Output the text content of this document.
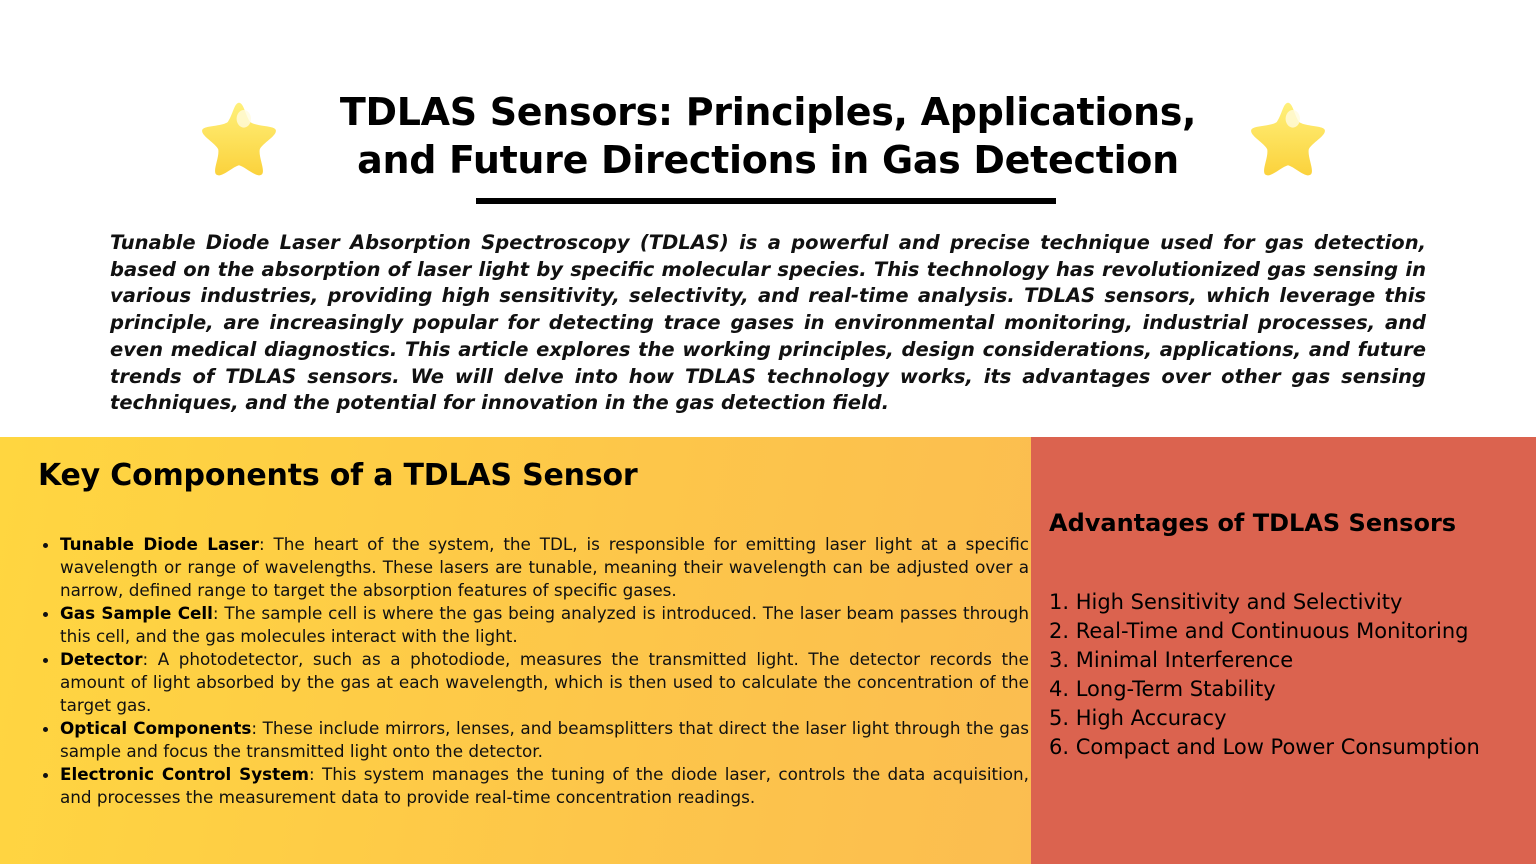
TDLAS Sensors: Principles, Applications,
and Future Directions in Gas Detection

Tunable Diode Laser Absorption Spectroscopy (TDLAS) is a powerful and precise technique used for gas detection, based on the absorption of laser light by specific molecular species. This technology has revolutionized gas sensing in various industries, providing high sensitivity, selectivity, and real-time analysis. TDLAS sensors, which leverage this principle, are increasingly popular for detecting trace gases in environmental monitoring, industrial processes, and even medical diagnostics. This article explores the working principles, design considerations, applications, and future trends of TDLAS sensors. We will delve into how TDLAS technology works, its advantages over other gas sensing techniques, and the potential for innovation in the gas detection field.

Key Components of a TDLAS Sensor
• Tunable Diode Laser: The heart of the system, the TDL, is responsible for emitting laser light at a specific wavelength or range of wavelengths. These lasers are tunable, meaning their wavelength can be adjusted over a narrow, defined range to target the absorption features of specific gases.
• Gas Sample Cell: The sample cell is where the gas being analyzed is introduced. The laser beam passes through this cell, and the gas molecules interact with the light.
• Detector: A photodetector, such as a photodiode, measures the transmitted light. The detector records the amount of light absorbed by the gas at each wavelength, which is then used to calculate the concentration of the target gas.
• Optical Components: These include mirrors, lenses, and beamsplitters that direct the laser light through the gas sample and focus the transmitted light onto the detector.
• Electronic Control System: This system manages the tuning of the diode laser, controls the data acquisition, and processes the measurement data to provide real-time concentration readings.
Advantages of TDLAS Sensors
1. High Sensitivity and Selectivity
2. Real-Time and Continuous Monitoring
3. Minimal Interference
4. Long-Term Stability
5. High Accuracy
6. Compact and Low Power Consumption
